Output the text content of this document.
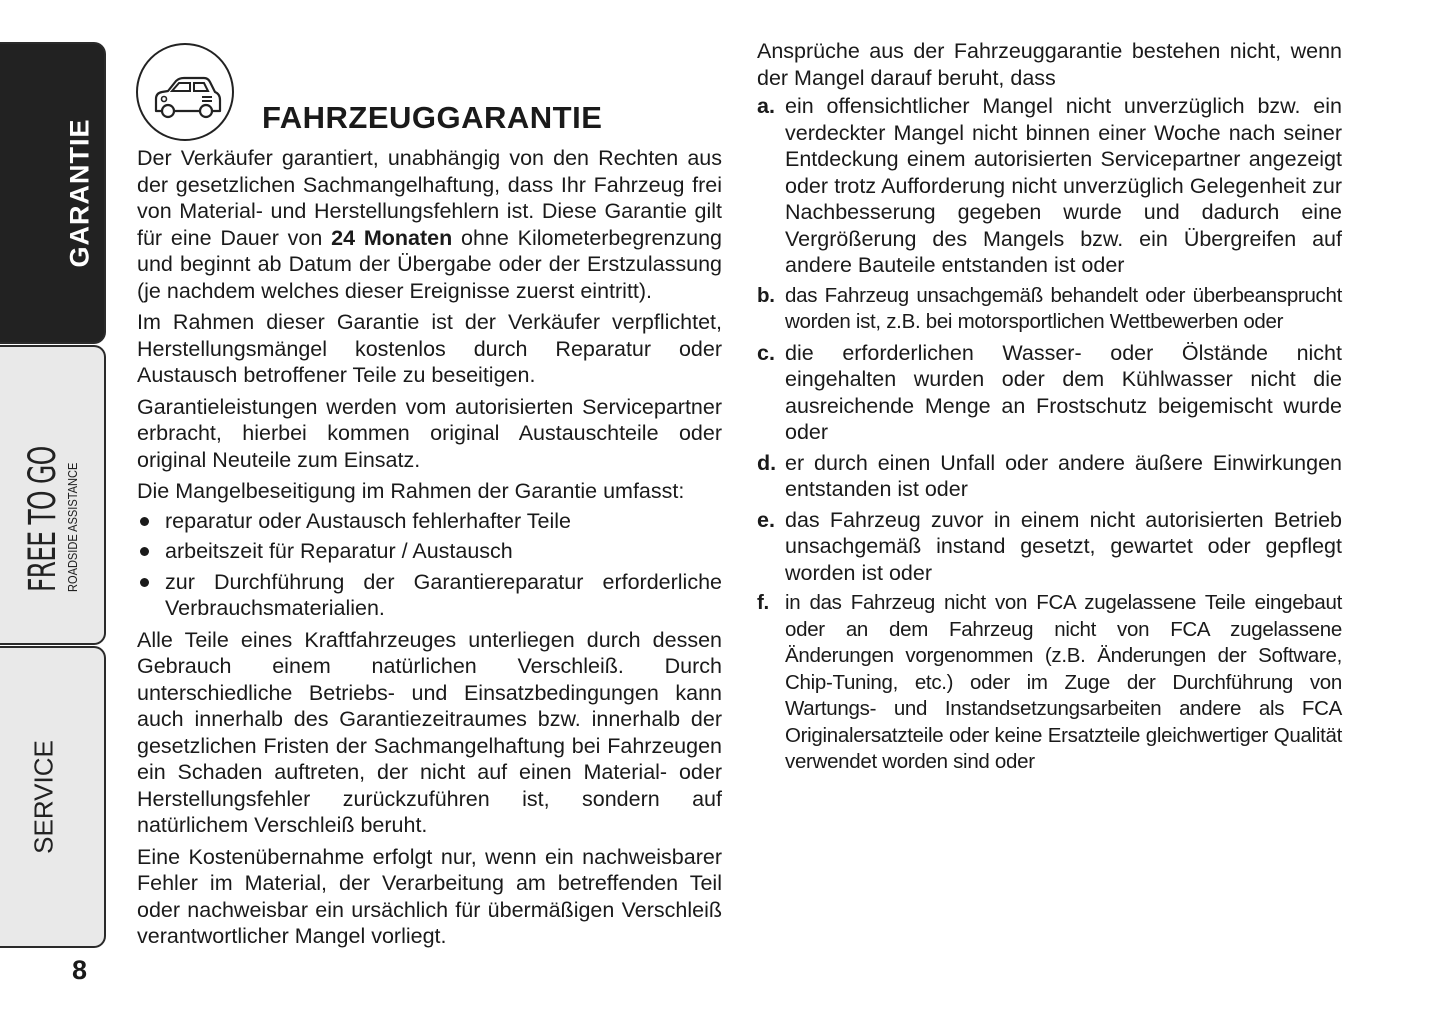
GARANTIE
FREE TO GO ROADSIDE ASSISTANCE
SERVICE
8
FAHRZEUGGARANTIE

Der Verkäufer garantiert, unabhängig von den Rechten aus der gesetzlichen Sachmangelhaftung, dass Ihr Fahrzeug frei von Material- und Herstellungsfehlern ist. Diese Garantie gilt für eine Dauer von 24 Monaten ohne Kilometerbegrenzung und beginnt ab Datum der Übergabe oder der Erstzulassung (je nachdem welches dieser Ereignisse zuerst eintritt).

Im Rahmen dieser Garantie ist der Verkäufer verpflichtet, Herstellungsmängel kostenlos durch Reparatur oder Austausch betroffener Teile zu beseitigen.

Garantieleistungen werden vom autorisierten Servicepartner erbracht, hierbei kommen original Austauschteile oder original Neuteile zum Einsatz.

Die Mangelbeseitigung im Rahmen der Garantie umfasst:

reparatur oder Austausch fehlerhafter Teile
arbeitszeit für Reparatur / Austausch
zur Durchführung der Garantiereparatur erforderliche Verbrauchsmaterialien.

Alle Teile eines Kraftfahrzeuges unterliegen durch dessen Gebrauch einem natürlichen Verschleiß. Durch unterschiedliche Betriebs- und Einsatzbedingungen kann auch innerhalb des Garantiezeitraumes bzw. innerhalb der gesetzlichen Fristen der Sachmangelhaftung bei Fahrzeugen ein Schaden auftreten, der nicht auf einen Material- oder Herstellungsfehler zurückzuführen ist, sondern auf natürlichem Verschleiß beruht.

Eine Kostenübernahme erfolgt nur, wenn ein nachweisbarer Fehler im Material, der Verarbeitung am betreffenden Teil oder nachweisbar ein ursächlich für übermäßigen Verschleiß verantwortlicher Mangel vorliegt.

Ansprüche aus der Fahrzeuggarantie bestehen nicht, wenn der Mangel darauf beruht, dass

a. ein offensichtlicher Mangel nicht unverzüglich bzw. ein verdeckter Mangel nicht binnen einer Woche nach seiner Entdeckung einem autorisierten Servicepartner angezeigt oder trotz Aufforderung nicht unverzüglich Gelegenheit zur Nachbesserung gegeben wurde und dadurch eine Vergrößerung des Mangels bzw. ein Übergreifen auf andere Bauteile entstanden ist oder
b. das Fahrzeug unsachgemäß behandelt oder überbeansprucht worden ist, z.B. bei motorsportlichen Wettbewerben oder
c. die erforderlichen Wasser- oder Ölstände nicht eingehalten wurden oder dem Kühlwasser nicht die ausreichende Menge an Frostschutz beigemischt wurde oder
d. er durch einen Unfall oder andere äußere Einwirkungen entstanden ist oder
e. das Fahrzeug zuvor in einem nicht autorisierten Betrieb unsachgemäß instand gesetzt, gewartet oder gepflegt worden ist oder
f. in das Fahrzeug nicht von FCA zugelassene Teile eingebaut oder an dem Fahrzeug nicht von FCA zugelassene Änderungen vorgenommen (z.B. Änderungen der Software, Chip-Tuning, etc.) oder im Zuge der Durchführung von Wartungs- und Instandsetzungsarbeiten andere als FCA Originalersatzteile oder keine Ersatzteile gleichwertiger Qualität verwendet worden sind oder
